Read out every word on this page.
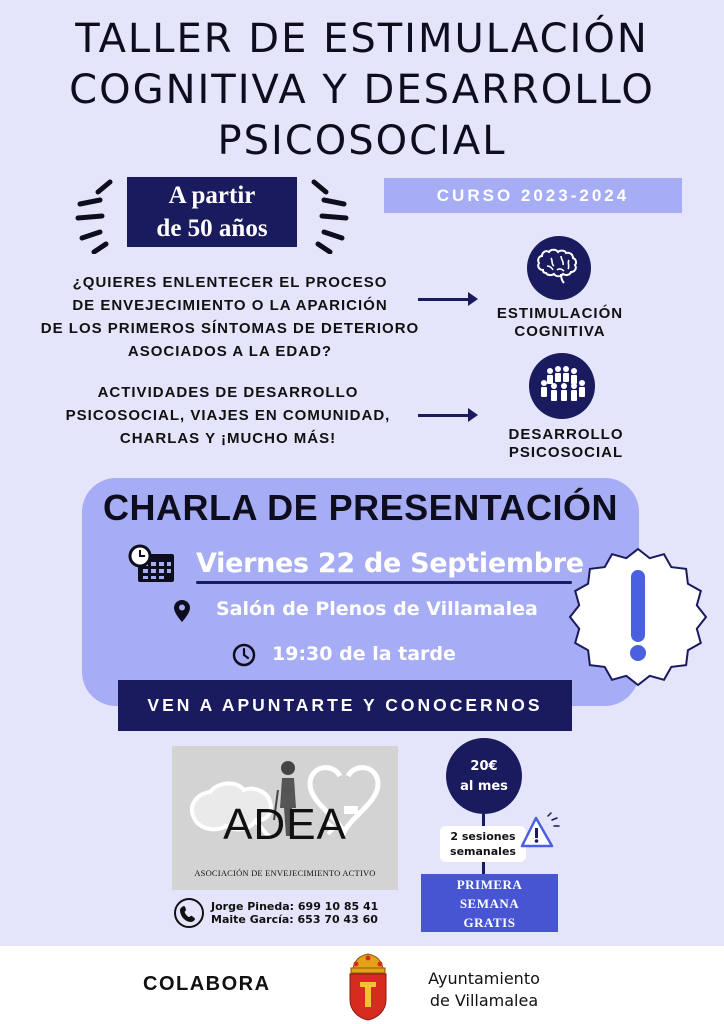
TALLER DE ESTIMULACIÓN
COGNITIVA Y DESARROLLO
PSICOSOCIAL
A partir
de 50 años
CURSO 2023-2024
¿QUIERES ENLENTECER EL PROCESO
DE ENVEJECIMIENTO O LA APARICIÓN
DE LOS PRIMEROS SÍNTOMAS DE DETERIORO
ASOCIADOS A LA EDAD?
ESTIMULACIÓN
COGNITIVA
ACTIVIDADES DE DESARROLLO
PSICOSOCIAL, VIAJES EN COMUNIDAD,
CHARLAS Y ¡MUCHO MÁS!	DESARROLLO
PSICOSOCIAL
CHARLA DE PRESENTACIÓN
Viernes 22 de Septiembre
Salón de Plenos de Villamalea
19:30 de la tarde
VEN A APUNTARTE Y CONOCERNOS
ADEA
ASOCIACIÓN DE ENVEJECIMIENTO ACTIVO
Jorge Pineda: 699 10 85 41
Maite García: 653 70 43 60
20€
al mes
2 sesiones
semanales
PRIMERA
SEMANA
GRATIS
COLABORA	Ayuntamiento
de Villamalea
